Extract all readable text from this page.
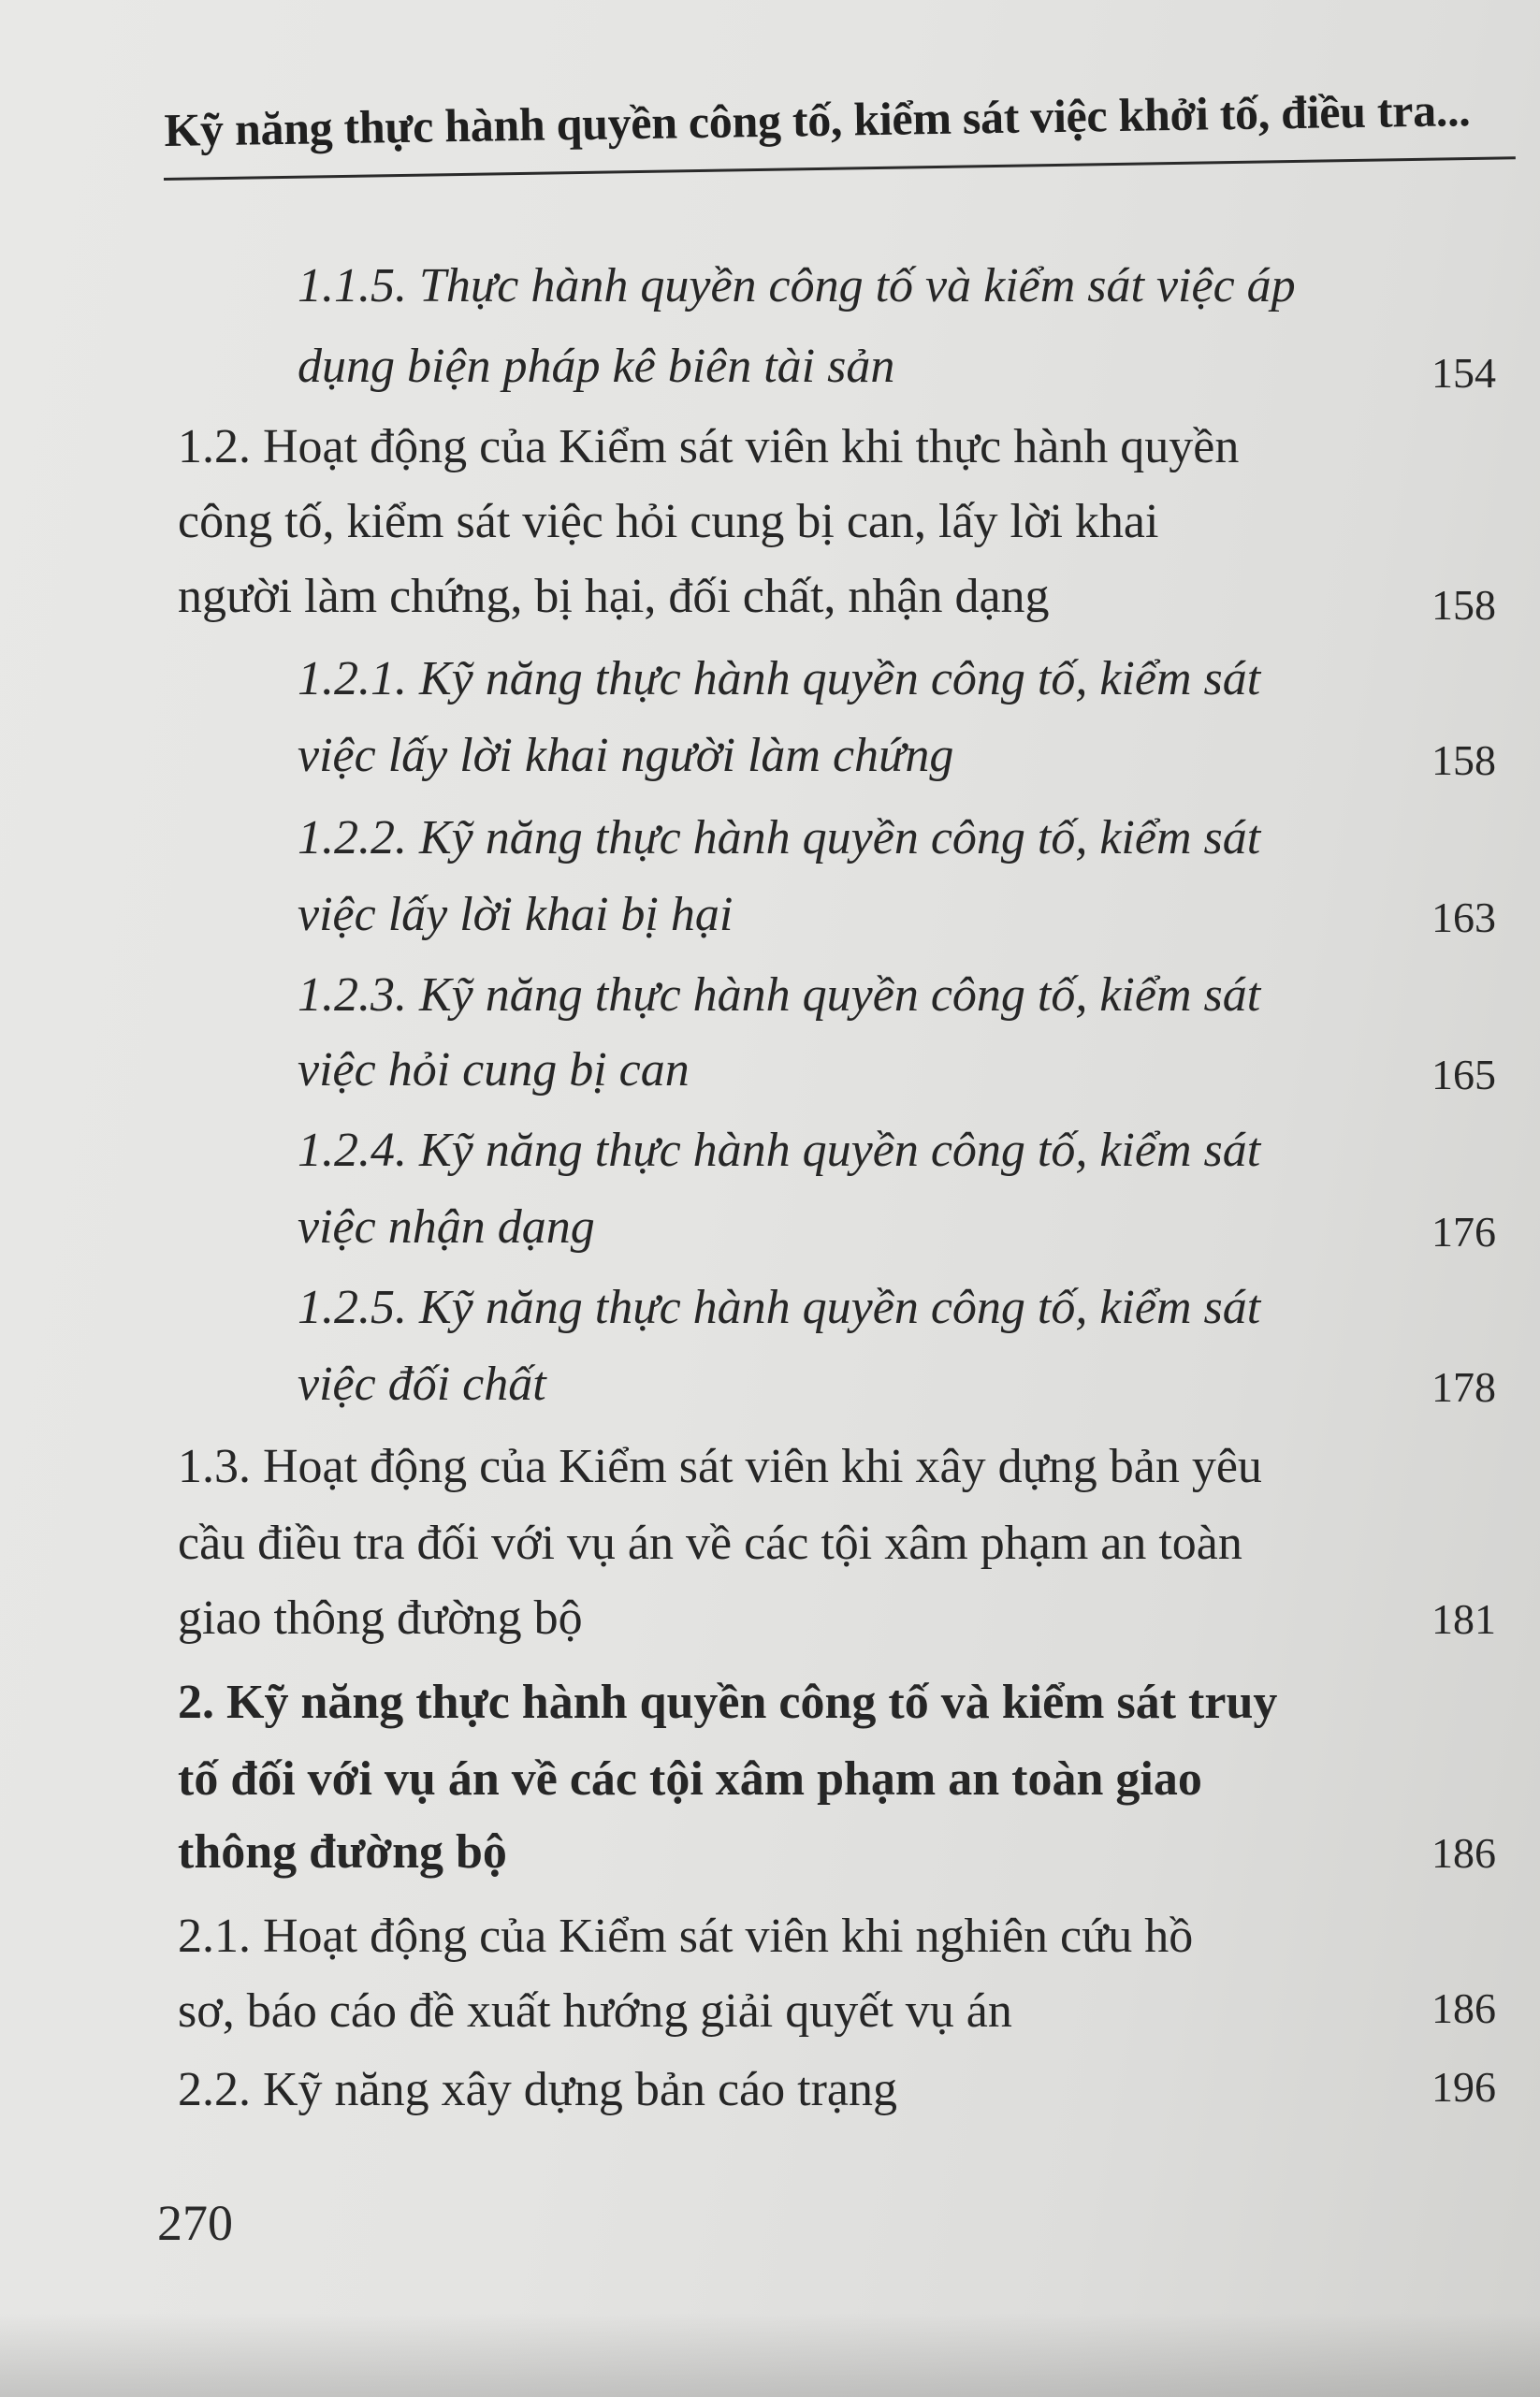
Kỹ năng thực hành quyền công tố, kiểm sát việc khởi tố, điều tra...
1.1.5. Thực hành quyền công tố và kiểm sát việc áp
dụng biện pháp kê biên tài sản	154
1.2. Hoạt động của Kiểm sát viên khi thực hành quyền
công tố, kiểm sát việc hỏi cung bị can, lấy lời khai
người làm chứng, bị hại, đối chất, nhận dạng	158
1.2.1. Kỹ năng thực hành quyền công tố, kiểm sát
việc lấy lời khai người làm chứng	158
1.2.2. Kỹ năng thực hành quyền công tố, kiểm sát
việc lấy lời khai bị hại	163
1.2.3. Kỹ năng thực hành quyền công tố, kiểm sát
việc hỏi cung bị can	165
1.2.4. Kỹ năng thực hành quyền công tố, kiểm sát
việc nhận dạng	176
1.2.5. Kỹ năng thực hành quyền công tố, kiểm sát
việc đối chất	178
1.3. Hoạt động của Kiểm sát viên khi xây dựng bản yêu
cầu điều tra đối với vụ án về các tội xâm phạm an toàn
giao thông đường bộ	181
2. Kỹ năng thực hành quyền công tố và kiểm sát truy
tố đối với vụ án về các tội xâm phạm an toàn giao
thông đường bộ	186
2.1. Hoạt động của Kiểm sát viên khi nghiên cứu hồ
sơ, báo cáo đề xuất hướng giải quyết vụ án	186
2.2. Kỹ năng xây dựng bản cáo trạng	196
270
